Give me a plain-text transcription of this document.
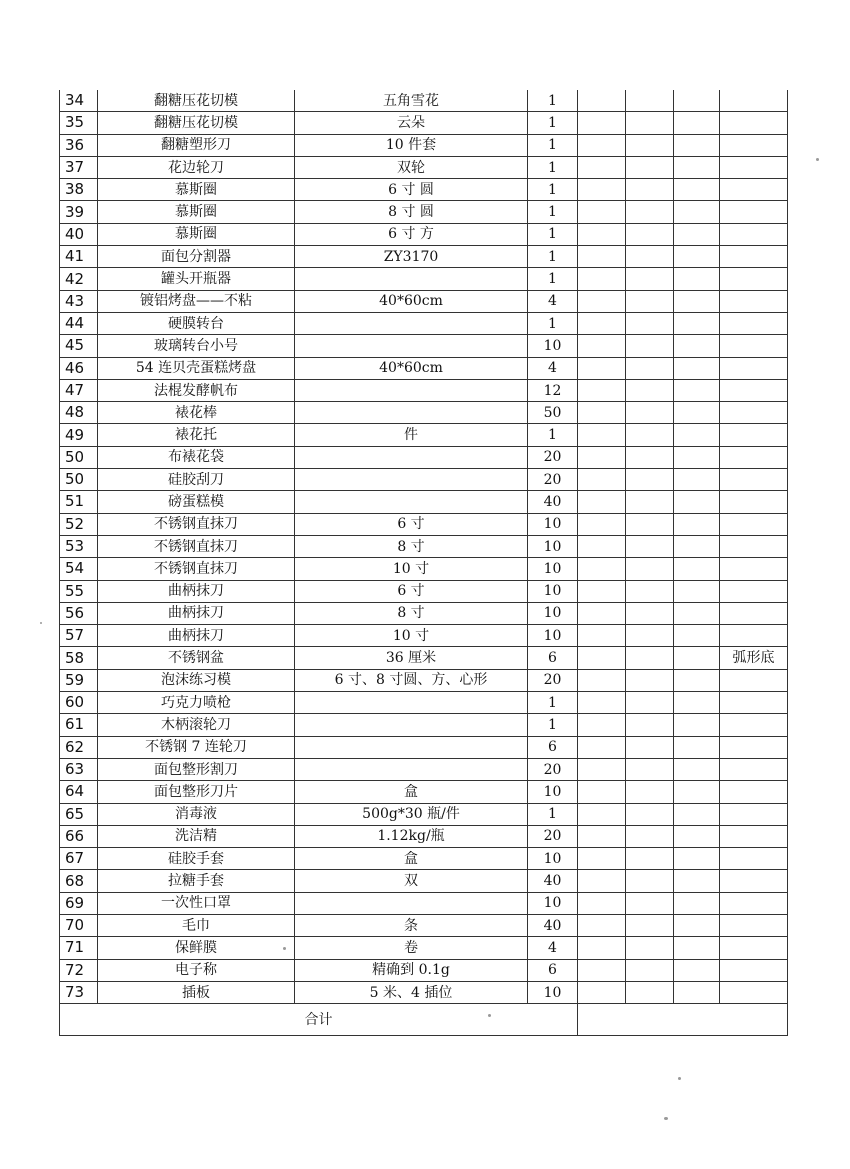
34	翻糖压花切模	五角雪花	1				
35	翻糖压花切模	云朵	1				
36	翻糖塑形刀	10 件套	1				
37	花边轮刀	双轮	1				
38	慕斯圈	6 寸 圆	1				
39	慕斯圈	8 寸 圆	1				
40	慕斯圈	6 寸 方	1				
41	面包分割器	ZY3170	1				
42	罐头开瓶器		1				
43	镀铝烤盘——不粘	40*60cm	4				
44	硬膜转台		1				
45	玻璃转台小号		10				
46	54 连贝壳蛋糕烤盘	40*60cm	4				
47	法棍发酵帆布		12				
48	裱花棒		50				
49	裱花托	件	1				
50	布裱花袋		20				
50	硅胶刮刀		20				
51	磅蛋糕模		40				
52	不锈钢直抹刀	6 寸	10				
53	不锈钢直抹刀	8 寸	10				
54	不锈钢直抹刀	10 寸	10				
55	曲柄抹刀	6 寸	10				
56	曲柄抹刀	8 寸	10				
57	曲柄抹刀	10 寸	10				
58	不锈钢盆	36 厘米	6				弧形底
59	泡沫练习模	6 寸、8 寸圆、方、心形	20				
60	巧克力喷枪		1				
61	木柄滚轮刀		1				
62	不锈钢 7 连轮刀		6				
63	面包整形割刀		20				
64	面包整形刀片	盒	10				
65	消毒液	500g*30 瓶/件	1				
66	洗洁精	1.12kg/瓶	20				
67	硅胶手套	盒	10				
68	拉糖手套	双	40				
69	一次性口罩		10				
70	毛巾	条	40				
71	保鲜膜	卷	4				
72	电子称	精确到 0.1g	6				
73	插板	5 米、4 插位	10				
合计							
